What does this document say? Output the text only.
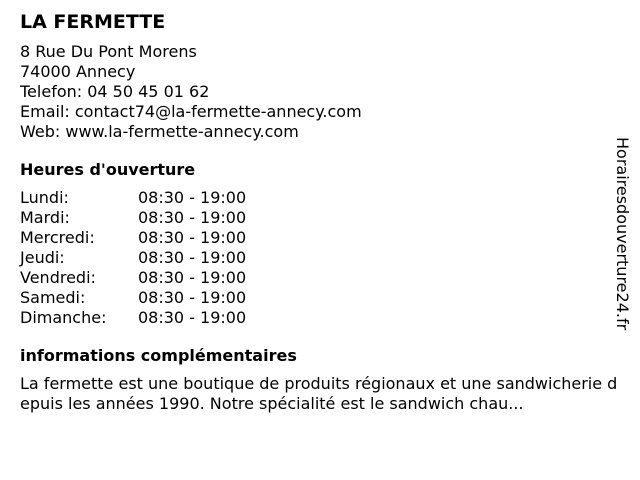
LA FERMETTE
8 Rue Du Pont Morens
74000 Annecy
Telefon: 04 50 45 01 62
Email: contact74@la-fermette-annecy.com
Web: www.la-fermette-annecy.com
Heures d'ouverture
Lundi:	08:30 - 19:00
Mardi:	08:30 - 19:00
Mercredi:	08:30 - 19:00
Jeudi:	08:30 - 19:00
Vendredi:	08:30 - 19:00
Samedi:	08:30 - 19:00
Dimanche:	08:30 - 19:00
informations complémentaires
La fermette est une boutique de produits régionaux et une sandwicherie depuis les années 1990. Notre spécialité est le sandwich chau...
Horairesdouverture24.fr
